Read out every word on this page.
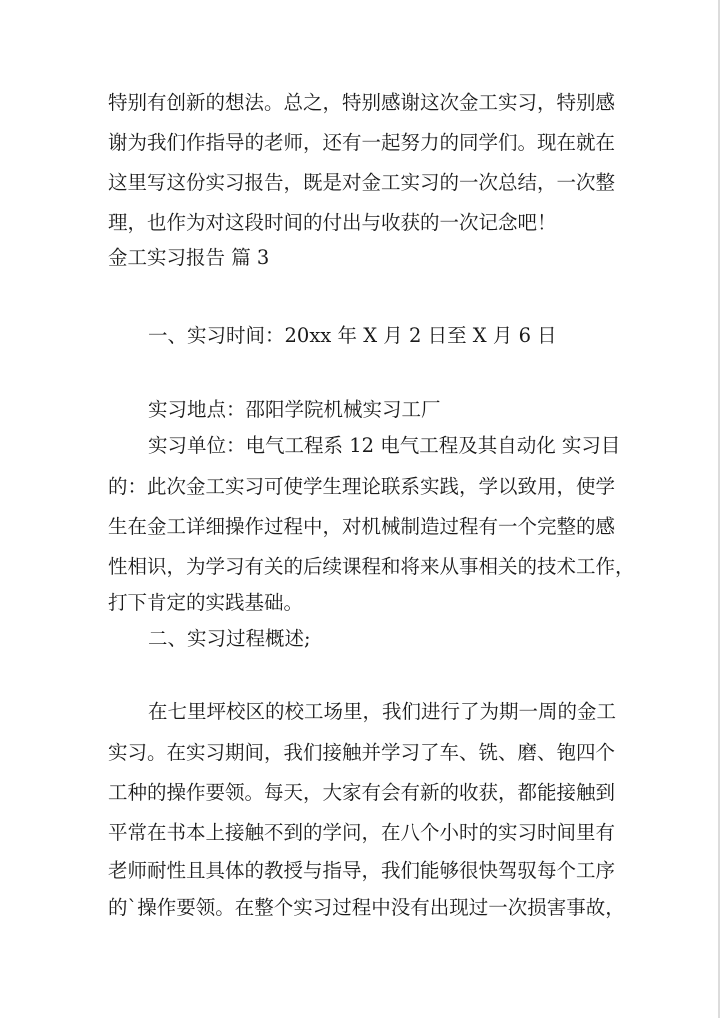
特别有创新的想法。总之，特别感谢这次金工实习，特别感

谢为我们作指导的老师，还有一起努力的同学们。现在就在

这里写这份实习报告，既是对金工实习的一次总结，一次整

理，也作为对这段时间的付出与收获的一次记念吧！

金工实习报告 篇 3

一、实习时间：20xx 年 X 月 2 日至 X 月 6 日

实习地点：邵阳学院机械实习工厂

实习单位：电气工程系 12 电气工程及其自动化 实习目

的：此次金工实习可使学生理论联系实践，学以致用，使学

生在金工详细操作过程中，对机械制造过程有一个完整的感

性相识，为学习有关的后续课程和将来从事相关的技术工作，

打下肯定的实践基础。

二、实习过程概述;

在七里坪校区的校工场里，我们进行了为期一周的金工

实习。在实习期间，我们接触并学习了车、铣、磨、铇四个

工种的操作要领。每天，大家有会有新的收获，都能接触到

平常在书本上接触不到的学问，在八个小时的实习时间里有

老师耐性且具体的教授与指导，我们能够很快驾驭每个工序

的`操作要领。在整个实习过程中没有出现过一次损害事故，
